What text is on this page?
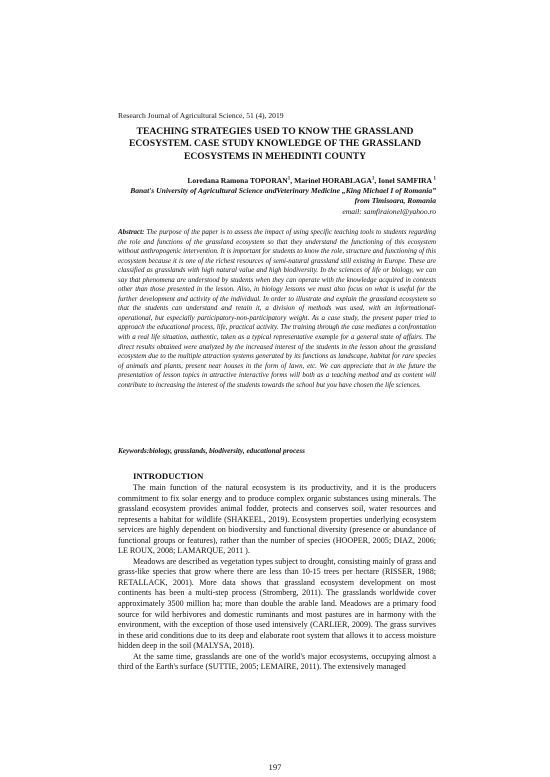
Research Journal of Agricultural Science, 51 (4), 2019
TEACHING STRATEGIES USED TO KNOW THE GRASSLAND
ECOSYSTEM. CASE STUDY KNOWLEDGE OF THE GRASSLAND
ECOSYSTEMS IN MEHEDINTI COUNTY
Loredana Ramona TOPORAN$^1$, Marinel HORABLAGA$^1$, Ionel SAMFIRA $^1$
Banat's University of Agricultural Science andVeterinary Medicine „King Michael I of Romania”
from Timisoara, Romania
email: samfiraionel@yahoo.ro
Abstract: The purpose of the paper is to assess the impact of using specific teaching tools to students regarding the role and functions of the grassland ecosystem so that they understand the functioning of this ecosystem without anthropogenic intervention. It is important for students to know the role, structure and functioning of this ecosystem because it is one of the richest resources of semi-natural grassland still existing in Europe. These are classified as grasslands with high natural value and high biodiversity. In the sciences of life or biology, we can say that phenomena are understood by students when they can operate with the knowledge acquired in contexts other than those presented in the lesson. Also, in biology lessons we must also focus on what is useful for the further development and activity of the individual. In order to illustrate and explain the grassland ecosystem so that the students can understand and retain it, a division of methods was used, with an informational-operational, but especially participatory-non-participatory weight. As a case study, the present paper tried to approach the educational process, life, practical activity. The training through the case mediates a confrontation with a real life situation, authentic, taken as a typical representative example for a general state of affairs. The direct results obtained were analyzed by the increased interest of the students in the lesson about the grassland ecosystem due to the multiple attraction systems generated by its functions as landscape, habitat for rare species of animals and plants, present near houses in the form of lawn, etc. We can appreciate that in the future the presentation of lesson topics in attractive interactive forms will both as a teaching method and as content will contribute to increasing the interest of the students towards the school but you have chosen the life sciences.
Keywords:biology, grasslands, biodiversity, educational process
INTRODUCTION

The main function of the natural ecosystem is its productivity, and it is the producers commitment to fix solar energy and to produce complex organic substances using minerals. The grassland ecosystem provides animal fodder, protects and conserves soil, water resources and represents a habitat for wildlife (SHAKEEL, 2019). Ecosystem properties underlying ecosystem services are highly dependent on biodiversity and functional diversity (presence or abundance of functional groups or features), rather than the number of species (HOOPER, 2005; DIAZ, 2006; LE ROUX, 2008; LAMARQUE, 2011 ).

Meadows are described as vegetation types subject to drought, consisting mainly of grass and grass-like species that grow where there are less than 10-15 trees per hectare (RISSER, 1988; RETALLACK, 2001). More data shows that grassland ecosystem development on most continents has been a multi-step process (Stromberg, 2011). The grasslands worldwide cover approximately 3500 million ha; more than double the arable land. Meadows are a primary food source for wild herbivores and domestic ruminants and most pastures are in harmony with the environment, with the exception of those used intensively (CARLIER, 2009). The grass survives in these arid conditions due to its deep and elaborate root system that allows it to access moisture hidden deep in the soil (MALYSA, 2018).

At the same time, grasslands are one of the world's major ecosystems, occupying almost a third of the Earth's surface (SUTTIE, 2005; LEMAIRE, 2011). The extensively managed

197
